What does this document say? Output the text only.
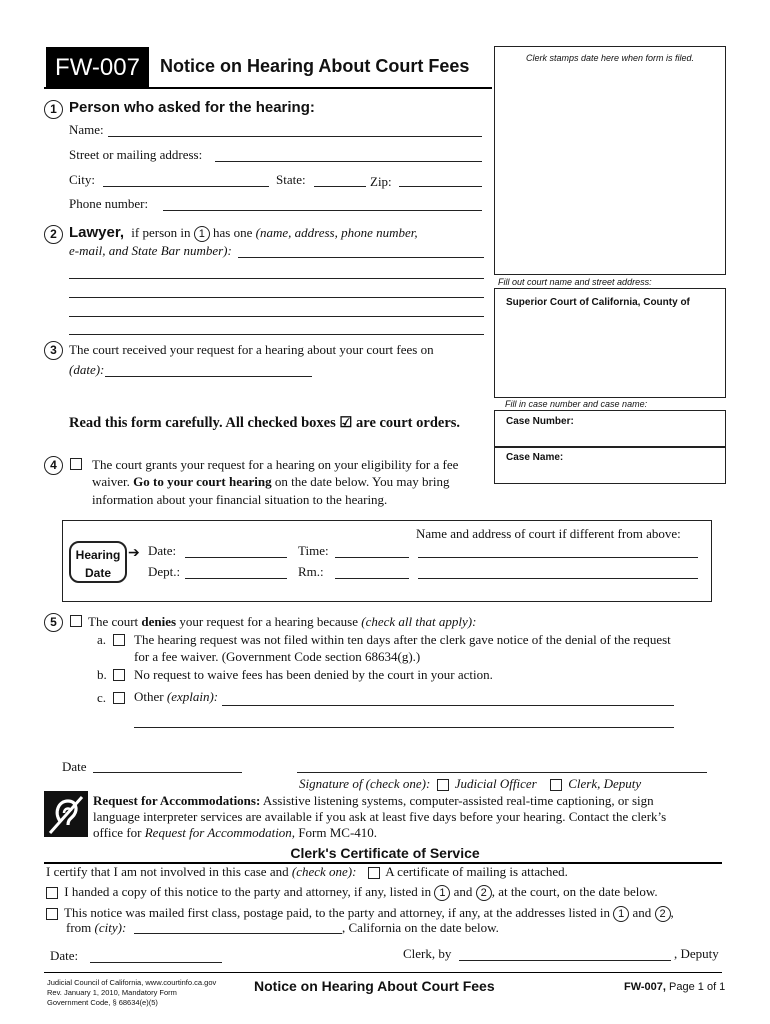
FW-007	Notice on Hearing About Court Fees	Clerk stamps date here when form is filed.
Fill out court name and street address:
Superior Court of California, County of
Fill in case number and case name:
Case Number:
Case Name:
1 Person who asked for the hearing:
Name:
Street or mailing address:
City:	State:	Zip:
Phone number:
2 Lawyer, if person in 1 has one (name, address, phone number,
e-mail, and State Bar number):
3 The court received your request for a hearing about your court fees on
(date):
Read this form carefully. All checked boxes ☑ are court orders.
4	The court grants your request for a hearing on your eligibility for a fee
waiver. Go to your court hearing on the date below. You may bring
information about your financial situation to the hearing.
Hearing
Date
➔ Date:	Time:
Dept.:	Rm.:
Name and address of court if different from above:
5	The court denies your request for a hearing because (check all that apply):
a. The hearing request was not filed within ten days after the clerk gave notice of the denial of the request
for a fee waiver. (Government Code section 68634(g).)
b. No request to waive fees has been denied by the court in your action.
c. Other (explain):
Date
Signature of (check one): Judicial Officer Clerk, Deputy
Request for Accommodations: Assistive listening systems, computer-assisted real-time captioning, or sign
language interpreter services are available if you ask at least five days before your hearing. Contact the clerk’s
office for Request for Accommodation, Form MC-410.
Clerk's Certificate of Service
I certify that I am not involved in this case and (check one): A certificate of mailing is attached.
I handed a copy of this notice to the party and attorney, if any, listed in 1 and 2 , at the court, on the date below.
This notice was mailed first class, postage paid, to the party and attorney, if any, at the addresses listed in 1 and 2 ,
from (city):	, California on the date below.
Date:	Clerk, by	, Deputy
Judicial Council of California, www.courtinfo.ca.gov
Rev. January 1, 2010, Mandatory Form
Government Code, § 68634(e)(5)
Notice on Hearing About Court Fees	FW-007, Page 1 of 1
